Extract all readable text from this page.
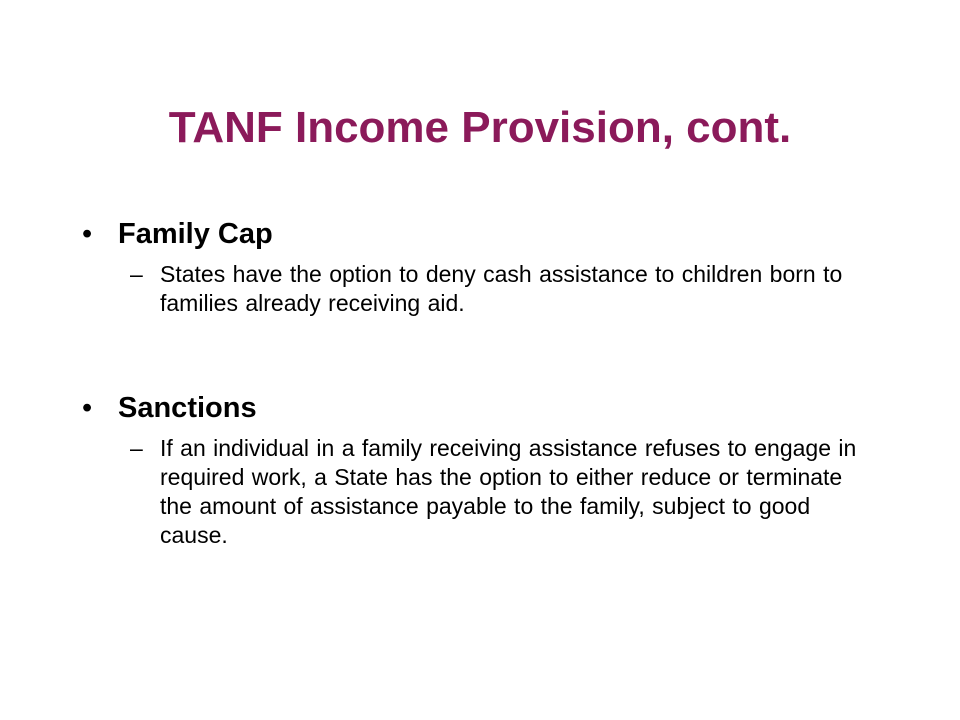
TANF Income Provision, cont.
• Family Cap
– States have the option to deny cash assistance to children born to families already receiving aid.
• Sanctions
– If an individual in a family receiving assistance refuses to engage in required work, a State has the option to either reduce or terminate the amount of assistance payable to the family, subject to good cause.
